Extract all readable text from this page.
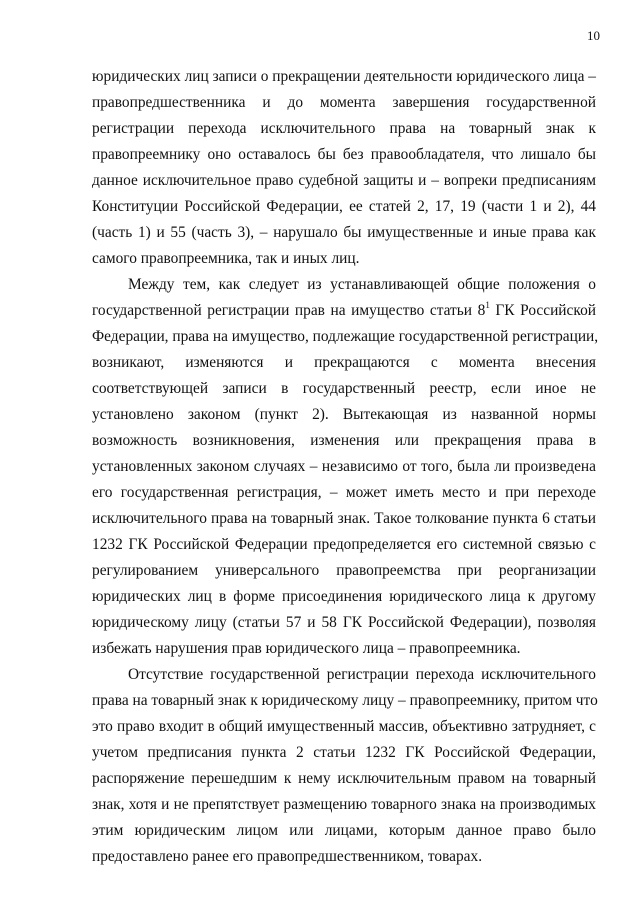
10
юридических лиц записи о прекращении деятельности юридического лица –
правопредшественника и до момента завершения государственной
регистрации перехода исключительного права на товарный знак к
правопреемнику оно оставалось бы без правообладателя, что лишало бы
данное исключительное право судебной защиты и – вопреки предписаниям
Конституции Российской Федерации, ее статей 2, 17, 19 (части 1 и 2), 44
(часть 1) и 55 (часть 3), – нарушало бы имущественные и иные права как
самого правопреемника, так и иных лиц.
Между тем, как следует из устанавливающей общие положения о
государственной регистрации прав на имущество статьи $8^1$ ГК Российской
Федерации, права на имущество, подлежащие государственной регистрации,
возникают, изменяются и прекращаются с момента внесения
соответствующей записи в государственный реестр, если иное не
установлено законом (пункт 2). Вытекающая из названной нормы
возможность возникновения, изменения или прекращения права в
установленных законом случаях – независимо от того, была ли произведена
его государственная регистрация, – может иметь место и при переходе
исключительного права на товарный знак. Такое толкование пункта 6 статьи
1232 ГК Российской Федерации предопределяется его системной связью с
регулированием универсального правопреемства при реорганизации
юридических лиц в форме присоединения юридического лица к другому
юридическому лицу (статьи 57 и 58 ГК Российской Федерации), позволяя
избежать нарушения прав юридического лица – правопреемника.
Отсутствие государственной регистрации перехода исключительного
права на товарный знак к юридическому лицу – правопреемнику, притом что
это право входит в общий имущественный массив, объективно затрудняет, с
учетом предписания пункта 2 статьи 1232 ГК Российской Федерации,
распоряжение перешедшим к нему исключительным правом на товарный
знак, хотя и не препятствует размещению товарного знака на производимых
этим юридическим лицом или лицами, которым данное право было
предоставлено ранее его правопредшественником, товарах.
